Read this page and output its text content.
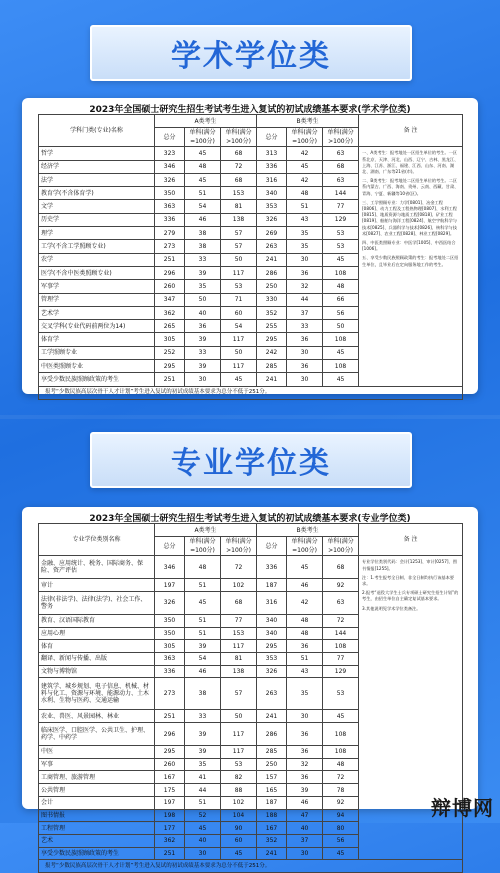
学术学位类
2023年全国硕士研究生招生考试考生进入复试的初试成绩基本要求(学术学位类)
学科门类(专业)名称	A类考生			B类考生			备 注
	总分	单科(满分=100分)	单科(满分>100分)	总分	单科(满分=100分)	单科(满分>100分)	
哲学	323	45	68	313	42	63	一、A类考生：报考地处一区招生单位的考生。一区系北京、天津、河北、山西、辽宁、吉林、黑龙江、上海、江苏、浙江、福建、江西、山东、河南、湖北、湖南、广东等21省(市)。
二、B类考生：报考地处二区招生单位的考生。二区系内蒙古、广西、海南、贵州、云南、西藏、甘肃、青海、宁夏、新疆等10省(区)。
三、工学照顾专业：力学[0801]、冶金工程[0806]、动力工程及工程热物理[0807]、水利工程[0815]、地质资源与地质工程[0818]、矿业工程[0819]、船舶与海洋工程[0824]、航空宇航科学与技术[0825]、兵器科学与技术[0826]、核科学与技术[0827]、农业工程[0828]、林业工程[0829]。
四、中医类照顾专业：中医学[1005]、中西医结合[1006]。
五、享受少数民族照顾政策的考生：报考地处二区招生单位，且毕业后在定向服务地工作的考生。

经济学	346	48	72	336	45	68	
法学	326	45	68	316	42	63	
教育学(不含体育学)	350	51	153	340	48	144	
文学	363	54	81	353	51	77	
历史学	336	46	138	326	43	129	
理学	279	38	57	269	35	53	
工学(不含工学照顾专业)	273	38	57	263	35	53	
农学	251	33	50	241	30	45	
医学(不含中医类照顾专业)	296	39	117	286	36	108	
军事学	260	35	53	250	32	48	
管理学	347	50	71	330	44	66	
艺术学	362	40	60	352	37	56	
交叉学科(专业代码前两位为14)	265	36	54	255	33	50	
体育学	305	39	117	295	36	108	
工学照顾专业	252	33	50	242	30	45	
中医类照顾专业	295	39	117	285	36	108	
享受少数民族照顾政策的考生	251	30	45	241	30	45	
报考“少数民族高层次骨干人才计划”考生进入复试的初试成绩基本要求为总分不低于251分。							
专业学位类
2023年全国硕士研究生招生考试考生进入复试的初试成绩基本要求(专业学位类)
专业学位类别名称	A类考生			B类考生			备 注
	总分	单科(满分=100分)	单科(满分>100分)	总分	单科(满分=100分)	单科(满分>100分)	
金融、应用统计、税务、国际商务、保险、资产评估	346	48	72	336	45	68	专业学位类别代码：会计[1253]、审计[0257]、图书情报[1255]。
注：1.考生报考全日制、非全日制均执行该基本要求。
2.报考“退役大学生士兵专项硕士研究生招生计划”的考生，由招生单位自主确定复试基本要求。
3.其他说明见学术学位类备注。

审计	197	51	102	187	46	92	
法律(非法学)、法律(法学)、社会工作、警务	326	45	68	316	42	63	
教育、汉语国际教育	350	51	77	340	48	72	
应用心理	350	51	153	340	48	144	
体育	305	39	117	295	36	108	
翻译、新闻与传播、出版	363	54	81	353	51	77	
文物与博物馆	336	46	138	326	43	129	
建筑学、城乡规划、电子信息、机械、材料与化工、资源与环境、能源动力、土木水利、生物与医药、交通运输	273	38	57	263	35	53	
农业、兽医、风景园林、林业	251	33	50	241	30	45	
临床医学、口腔医学、公共卫生、护理、药学、中药学	296	39	117	286	36	108	
中医	295	39	117	285	36	108	
军事	260	35	53	250	32	48	
工商管理、旅游管理	167	41	82	157	36	72	
公共管理	175	44	88	165	39	78	
会计	197	51	102	187	46	92	
图书情报	198	52	104	188	47	94	
工程管理	177	45	90	167	40	80	
艺术	362	40	60	352	37	56	
享受少数民族照顾政策的考生	251	30	45	241	30	45	
报考“少数民族高层次骨干人才计划”考生进入复试的初试成绩基本要求为总分不低于251分。							
辩博网
